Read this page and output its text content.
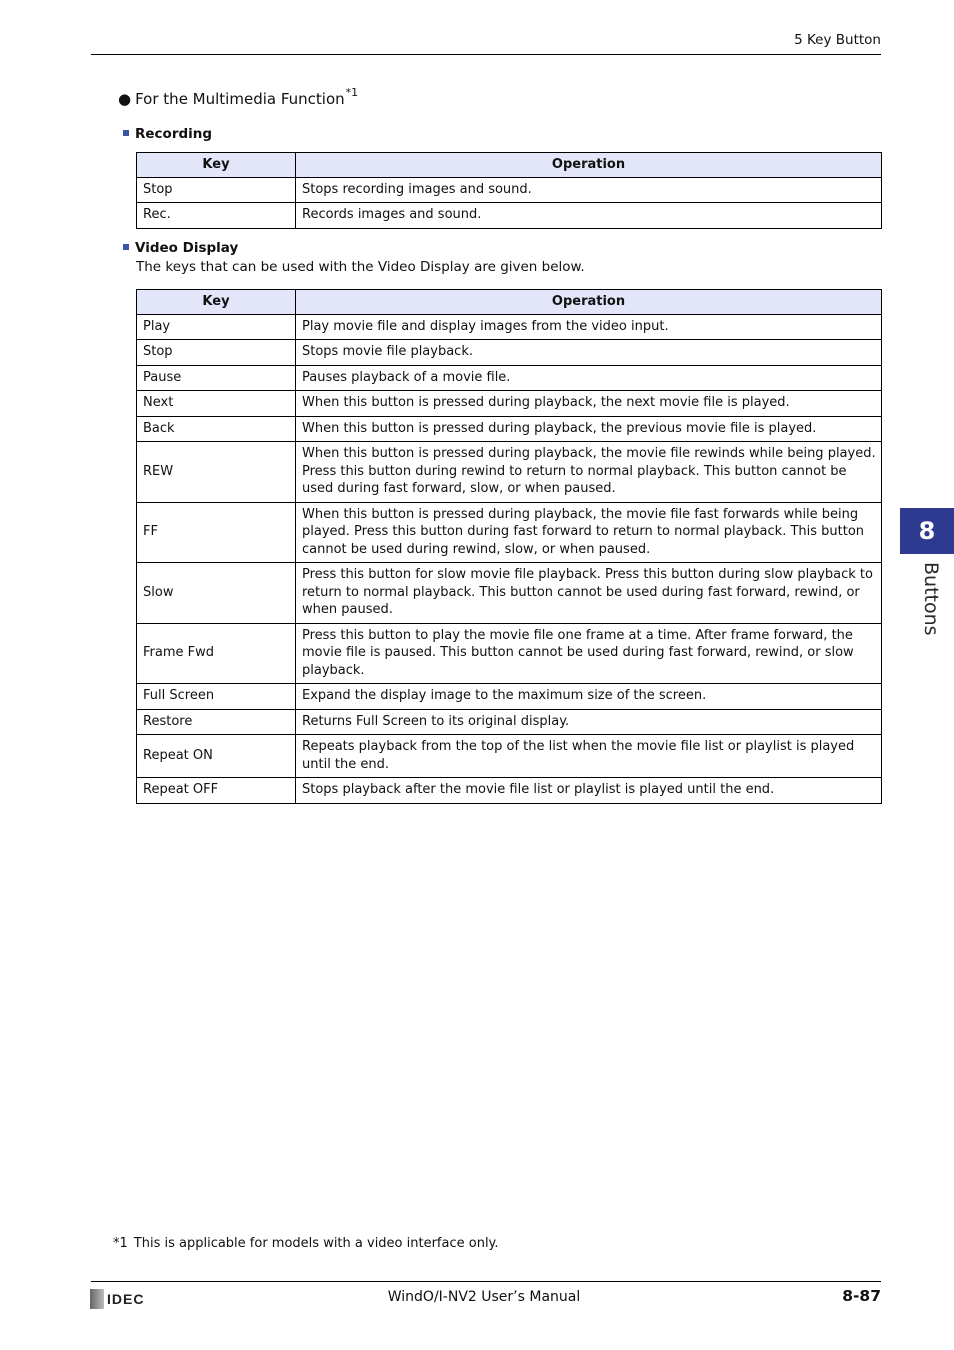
5 Key Button
● For the Multimedia Function$^{*1}$
Recording
Key	Operation
Stop	Stops recording images and sound.
Rec.	Records images and sound.
Video Display
The keys that can be used with the Video Display are given below.
Key	Operation
Play	Play movie file and display images from the video input.
Stop	Stops movie file playback.
Pause	Pauses playback of a movie file.
Next	When this button is pressed during playback, the next movie file is played.
Back	When this button is pressed during playback, the previous movie file is played.
REW	When this button is pressed during playback, the movie file rewinds while being played. Press this button during rewind to return to normal playback. This button cannot be used during fast forward, slow, or when paused.
FF	When this button is pressed during playback, the movie file fast forwards while being played. Press this button during fast forward to return to normal playback. This button cannot be used during rewind, slow, or when paused.
Slow	Press this button for slow movie file playback. Press this button during slow playback to return to normal playback. This button cannot be used during fast forward, rewind, or when paused.
Frame Fwd	Press this button to play the movie file one frame at a time. After frame forward, the movie file is paused. This button cannot be used during fast forward, rewind, or slow playback.
Full Screen	Expand the display image to the maximum size of the screen.
Restore	Returns Full Screen to its original display.
Repeat ON	Repeats playback from the top of the list when the movie file list or playlist is played until the end.
Repeat OFF	Stops playback after the movie file list or playlist is played until the end.
8
Buttons
*1 This is applicable for models with a video interface only.
IDEC	WindO/I-NV2 User’s Manual	8-87
